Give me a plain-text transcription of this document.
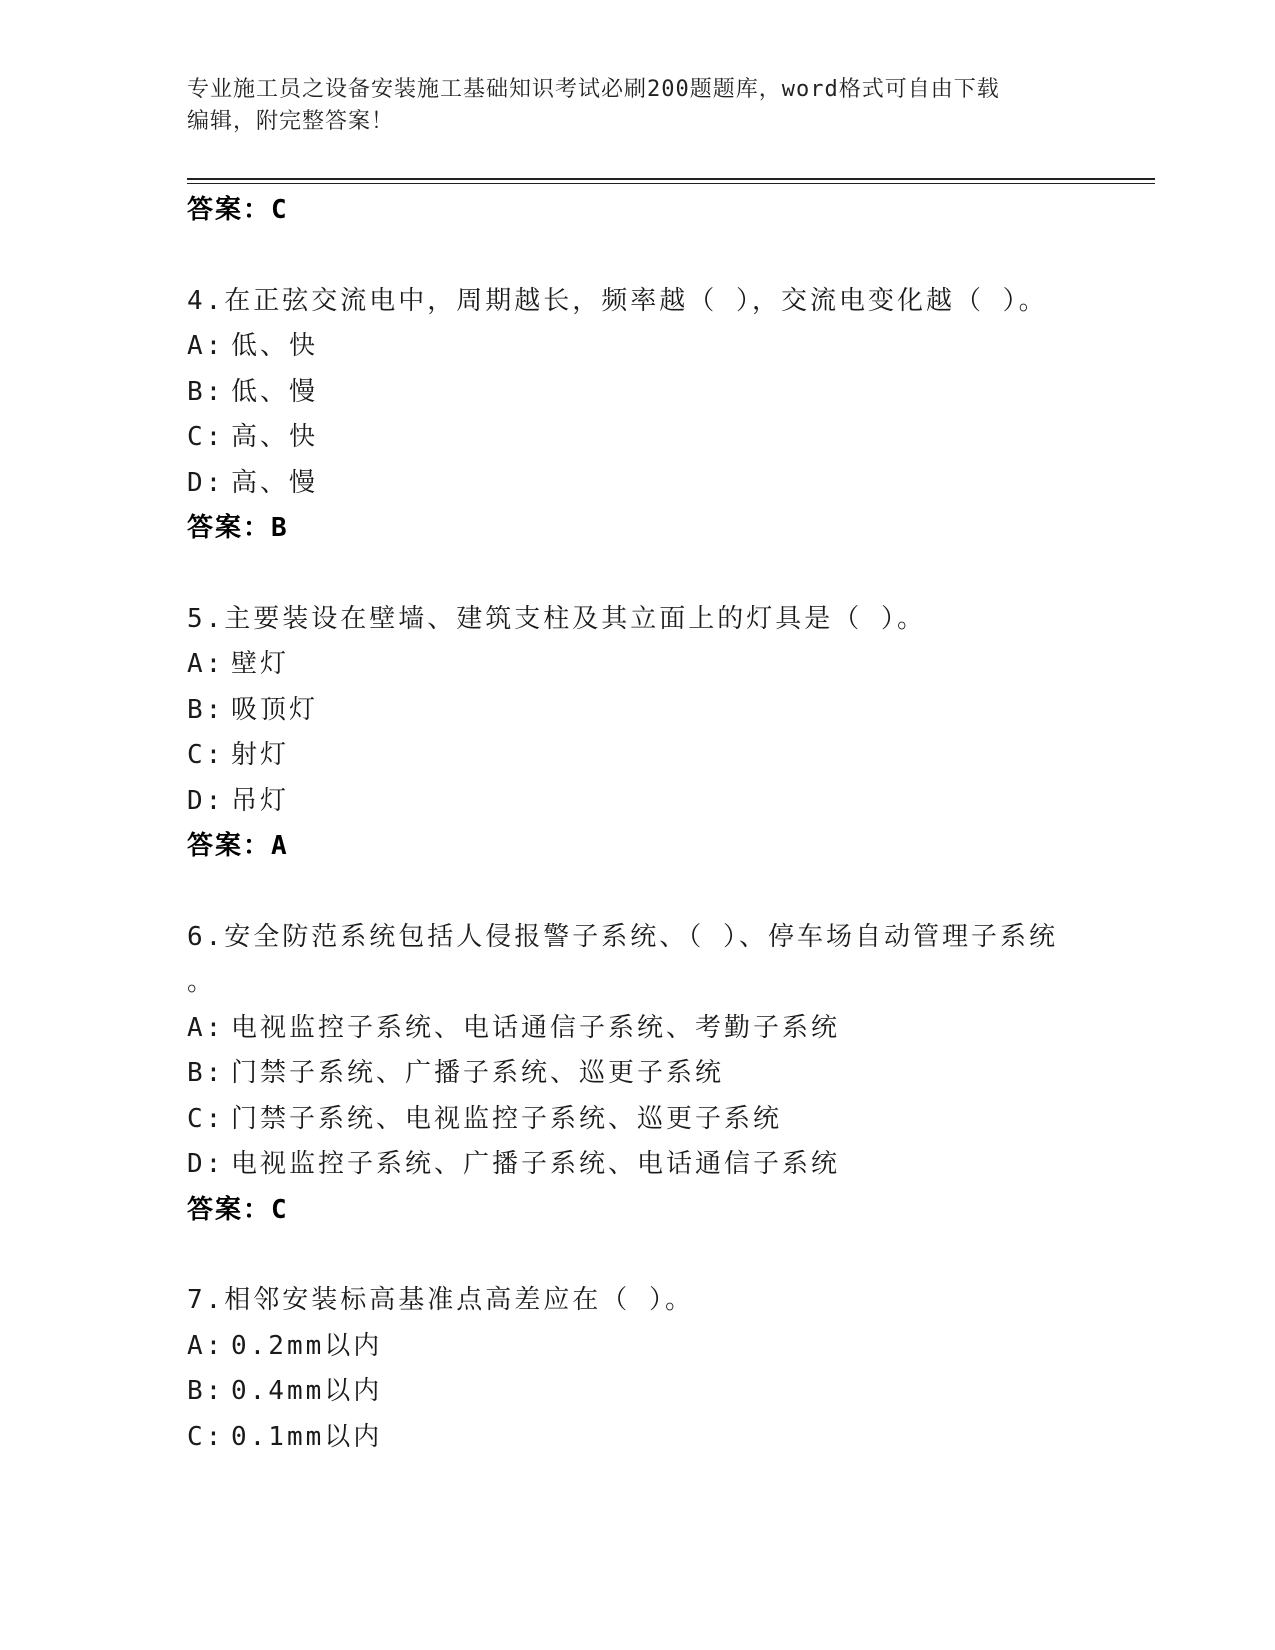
专业施工员之设备安装施工基础知识考试必刷200题题库，word格式可自由下载
编辑，附完整答案！
答案：C
4.在正弦交流电中，周期越长，频率越（ ），交流电变化越（ ）。
A: 低、快
B: 低、慢
C: 高、快
D: 高、慢
答案：B
5.主要装设在壁墙、建筑支柱及其立面上的灯具是（ ）。
A: 壁灯
B: 吸顶灯
C: 射灯
D: 吊灯
答案：A
6.安全防范系统包括人侵报警子系统、（ ）、停车场自动管理子系统
。
A: 电视监控子系统、电话通信子系统、考勤子系统
B: 门禁子系统、广播子系统、巡更子系统
C: 门禁子系统、电视监控子系统、巡更子系统
D: 电视监控子系统、广播子系统、电话通信子系统
答案：C
7.相邻安装标高基准点高差应在（ ）。
A: 0.2mm以内
B: 0.4mm以内
C: 0.1mm以内
